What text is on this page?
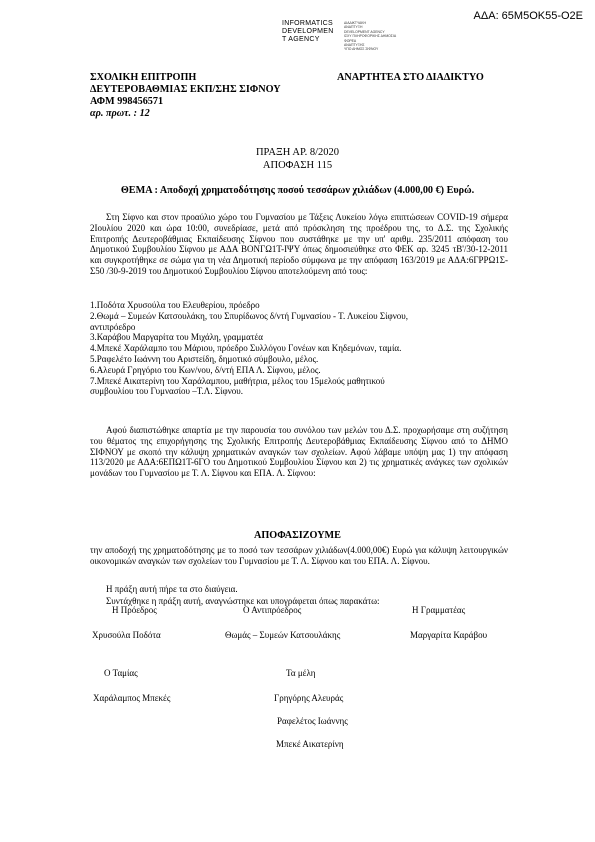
ΑΔΑ: 65Μ5ΟΚ55-Ο2Ε
INFORMATICS
DEVELOPMEN
T AGENCY
ΔΙΑΔΙΚΤΥΑΚΗ
ΑΝΑΠΤΥΞΗ
DEVELOPMENT AGENCY
ΙΣΧΥ ΠΛΗΡΟΦΟΡΙΚΗΣ ΔΗΜΟΣΙΑ
ΦΟΡΕΑ
ΑΝΑΠΤΥΞΗΣ
ΥΠΟ ΔΗΜΟΣ ΣΙΦΝΟΥ
ΣΧΟΛΙΚΗ ΕΠΙΤΡΟΠΗ
ΔΕΥΤΕΡΟΒΑΘΜΙΑΣ ΕΚΠ/ΣΗΣ ΣΙΦΝΟΥ
ΑΦΜ 998456571
αρ. πρωτ. : 12
ΑΝΑΡΤΗΤΕΑ ΣΤΟ ΔΙΑΔΙΚΤΥΟ
ΠΡΑΞΗ ΑΡ. 8/2020
ΑΠΟΦΑΣΗ 115
ΘΕΜΑ : Αποδοχή χρηματοδότησης ποσού τεσσάρων χιλιάδων (4.000,00 €) Ευρώ.
Στη Σίφνο και στον προαύλιο χώρο του Γυμνασίου με Τάξεις Λυκείου λόγω επιπτώσεων COVID-19 σήμερα 2Ιουλίου 2020 και ώρα 10:00, συνεδρίασε, μετά από πρόσκληση της προέδρου της, το Δ.Σ. της Σχολικής Επιτροπής Δευτεροβάθμιας Εκπαίδευσης Σίφνου που συστάθηκε με την υπ' αριθμ. 235/2011 απόφαση του Δημοτικού Συμβουλίου Σίφνου με ΑΔΑ ΒΟΝΓΩ1Τ-ΙΨΥ όπως δημοσιεύθηκε στο ΦΕΚ αρ. 3245 τΒ'/30-12-2011 και συγκροτήθηκε σε σώμα για τη νέα Δημοτική περίοδο σύμφωνα με την απόφαση 163/2019 με ΑΔΑ:6ΓΡΡΩ1Σ-Σ50 /30-9-2019 του Δημοτικού Συμβουλίου Σίφνου αποτελούμενη από τους:
1.Ποδότα Χρυσούλα του Ελευθερίου, πρόεδρο
2.Θωμά – Συμεών Κατσουλάκη, του Σπυρίδωνος δ/ντή Γυμνασίου - Τ. Λυκείου Σίφνου,
αντιπρόεδρο
3.Καράβου Μαργαρίτα του Μιχάλη, γραμματέα
4.Μπεκέ Χαράλαμπο του Μάριου, πρόεδρο Συλλόγου Γονέων και Κηδεμόνων, ταμία.
5.Ραφελέτο Ιωάννη του Αριστείδη, δημοτικό σύμβουλο, μέλος.
6.Αλευρά Γρηγόριο του Κων/νου, δ/ντή ΕΠΑ Λ. Σίφνου, μέλος.
7.Μπεκέ Αικατερίνη του Χαράλαμπου, μαθήτρια, μέλος του 15μελούς μαθητικού
συμβουλίου του Γυμνασίου –Τ.Λ. Σίφνου.
Αφού διαπιστώθηκε απαρτία με την παρουσία του συνόλου των μελών του Δ.Σ. προχωρήσαμε στη συζήτηση του θέματος της επιχορήγησης της Σχολικής Επιτροπής Δευτεροβάθμιας Εκπαίδευσης Σίφνου από το ΔΗΜΟ ΣΙΦΝΟΥ με σκοπό την κάλυψη χρηματικών αναγκών των σχολείων. Αφού λάβαμε υπόψη μας 1) την απόφαση 113/2020 με ΑΔΑ:6ΕΠΩ1Τ-6ΓΟ του Δημοτικού Συμβουλίου Σίφνου και 2) τις χρηματικές ανάγκες των σχολικών μονάδων του Γυμνασίου με Τ. Λ. Σίφνου και ΕΠΑ. Λ. Σίφνου:
ΑΠΟΦΑΣΙΖΟΥΜΕ
την αποδοχή της χρηματοδότησης με το ποσό των τεσσάρων χιλιάδων(4.000,00€) Ευρώ για κάλυψη λειτουργικών οικονομικών αναγκών των σχολείων του Γυμνασίου με Τ. Λ. Σίφνου και του ΕΠΑ. Λ. Σίφνου.
Η πράξη αυτή πήρε τα στο διαύγεια.
Συντάχθηκε η πράξη αυτή, αναγνώστηκε και υπογράφεται όπως παρακάτω:
Η Πρόεδρος	Ο Αντιπρόεδρος	Η Γραμματέας
Χρυσούλα Ποδότα	Θωμάς – Συμεών Κατσουλάκης	Μαργαρίτα Καράβου
Ο Ταμίας	Τα μέλη
Χαράλαμπος Μπεκές	Γρηγόρης Αλευράς
Ραφελέτος Ιωάννης
Μπεκέ Αικατερίνη
